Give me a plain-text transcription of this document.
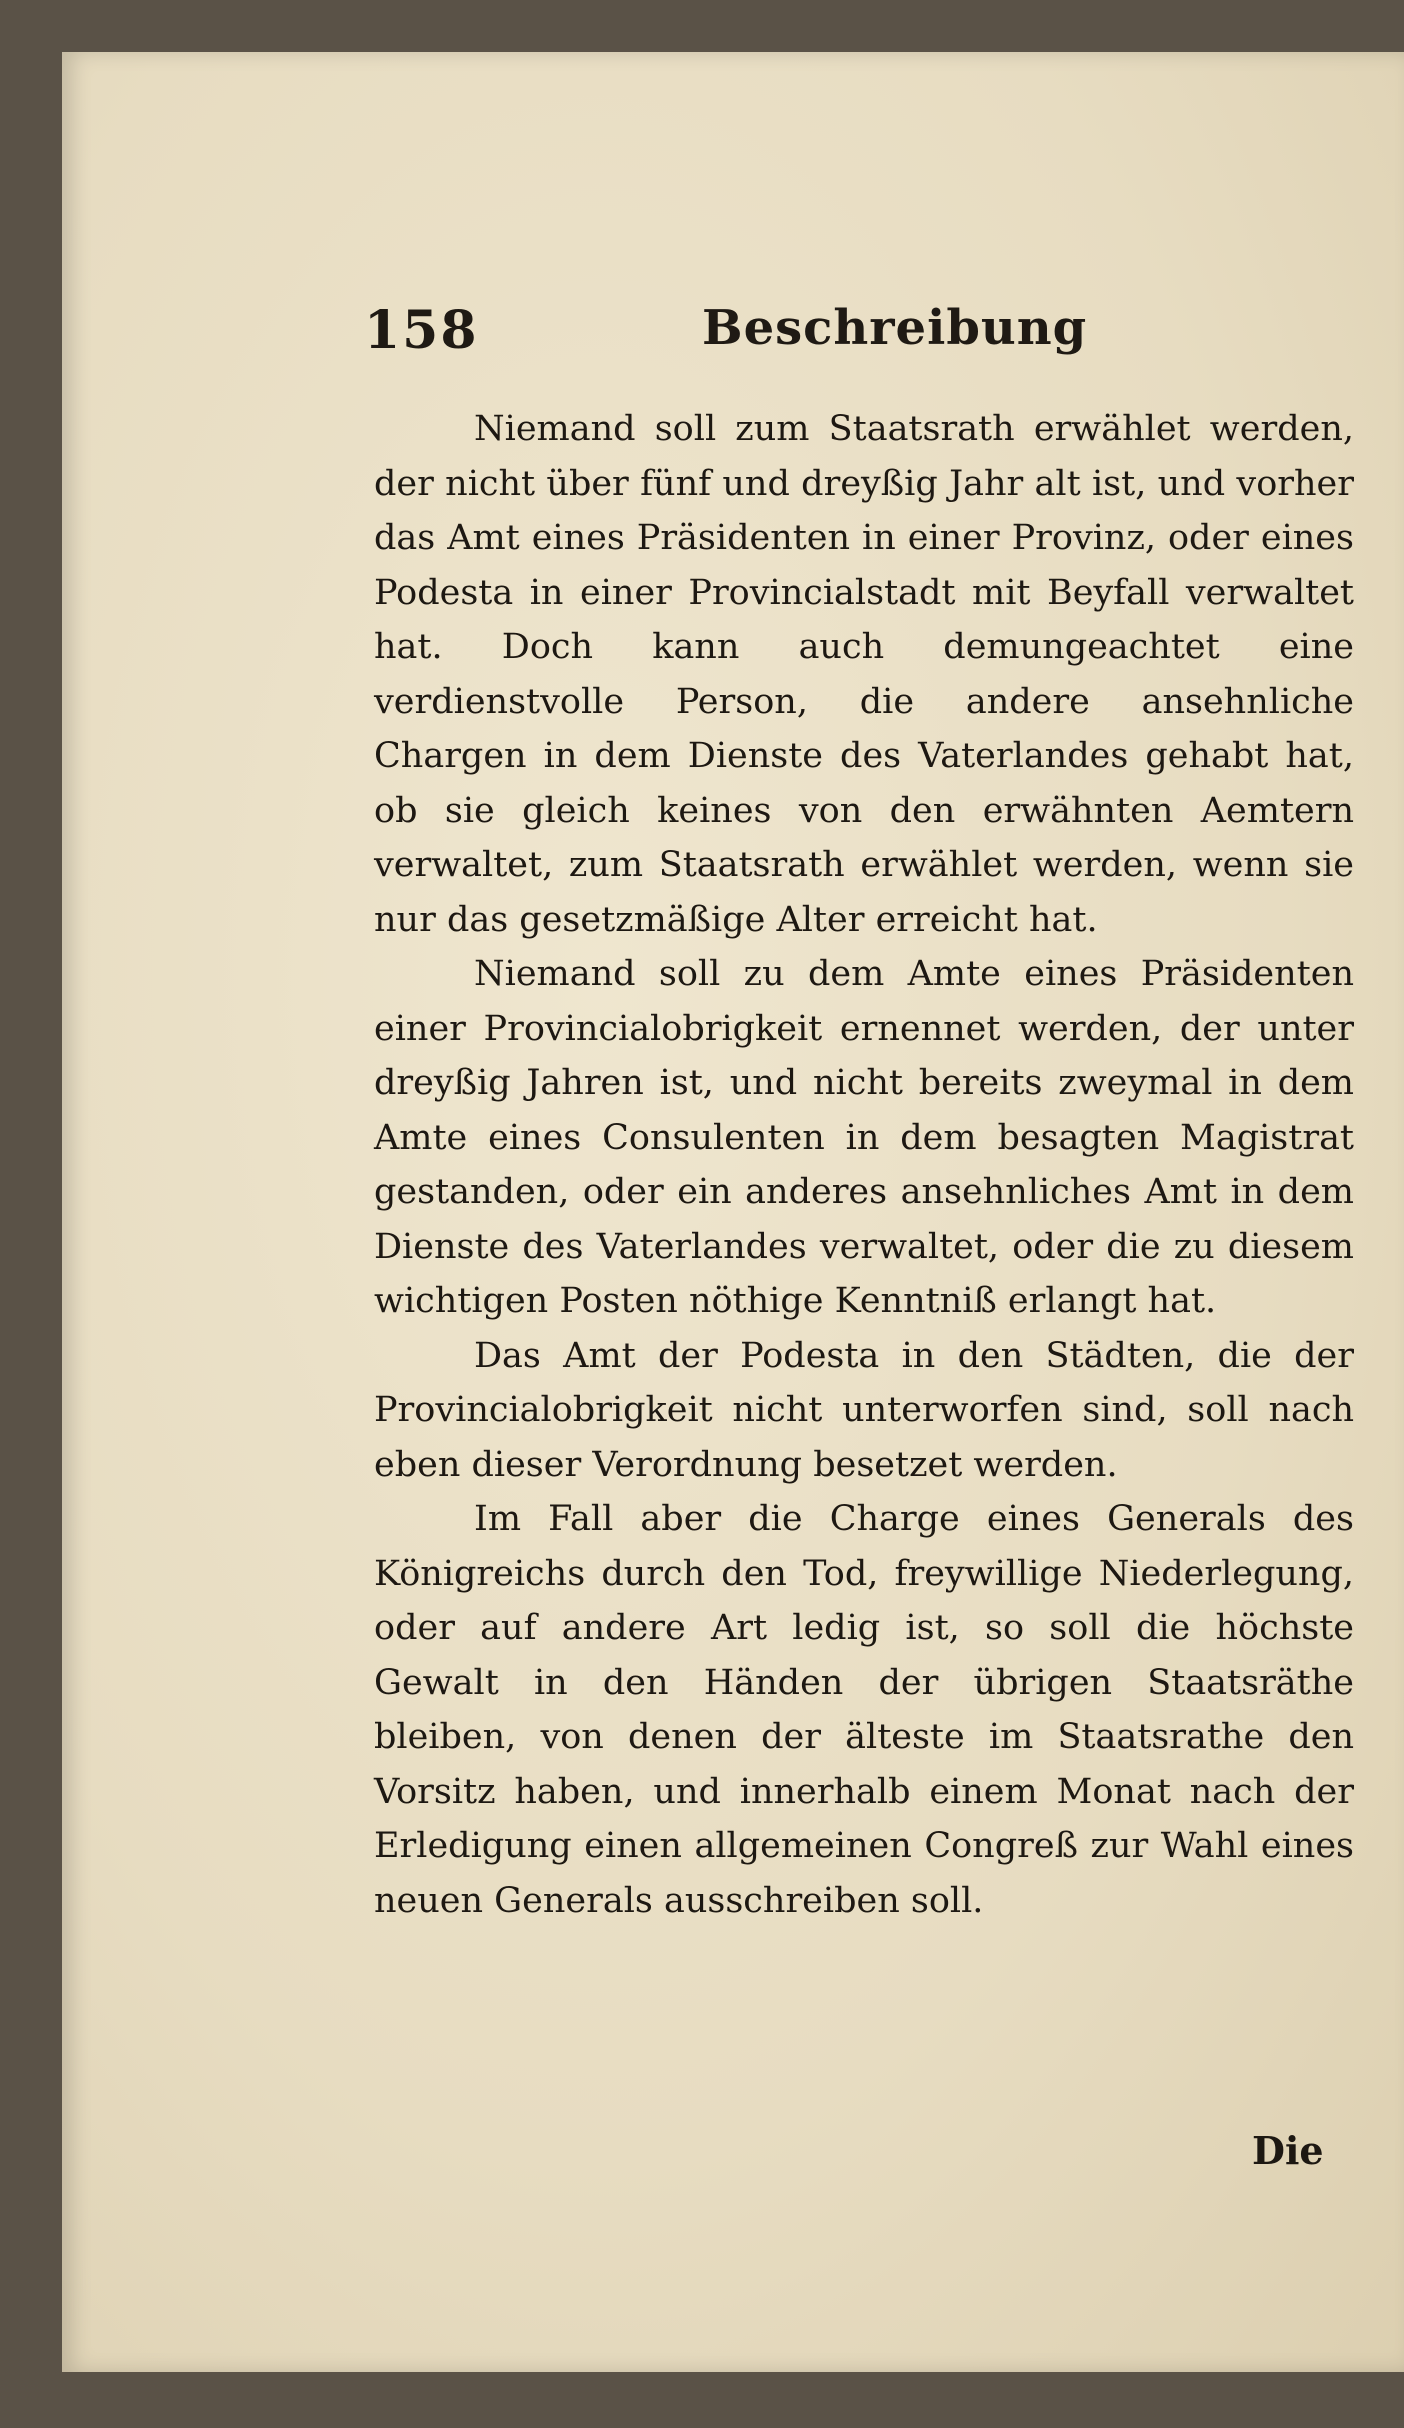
158	Beschreibung

Niemand soll zum Staatsrath erwählet werden, der nicht über fünf und dreyßig Jahr alt ist, und vorher das Amt eines Präsidenten in einer Provinz, oder eines Podesta in einer Provincialstadt mit Beyfall verwaltet hat. Doch kann auch demungeachtet eine verdienstvolle Person, die andere ansehnliche Chargen in dem Dienste des Vaterlandes gehabt hat, ob sie gleich keines von den erwähnten Aemtern verwaltet, zum Staatsrath erwählet werden, wenn sie nur das gesetzmäßige Alter erreicht hat.

Niemand soll zu dem Amte eines Präsidenten einer Provincialobrigkeit ernennet werden, der unter dreyßig Jahren ist, und nicht bereits zweymal in dem Amte eines Consulenten in dem besagten Magistrat gestanden, oder ein anderes ansehnliches Amt in dem Dienste des Vaterlandes verwaltet, oder die zu diesem wichtigen Posten nöthige Kenntniß erlangt hat.

Das Amt der Podesta in den Städten, die der Provincialobrigkeit nicht unterworfen sind, soll nach eben dieser Verordnung besetzet werden.

Im Fall aber die Charge eines Generals des Königreichs durch den Tod, freywillige Niederlegung, oder auf andere Art ledig ist, so soll die höchste Gewalt in den Händen der übrigen Staatsräthe bleiben, von denen der älteste im Staatsrathe den Vorsitz haben, und innerhalb einem Monat nach der Erledigung einen allgemeinen Congreß zur Wahl eines neuen Generals ausschreiben soll.

Die
